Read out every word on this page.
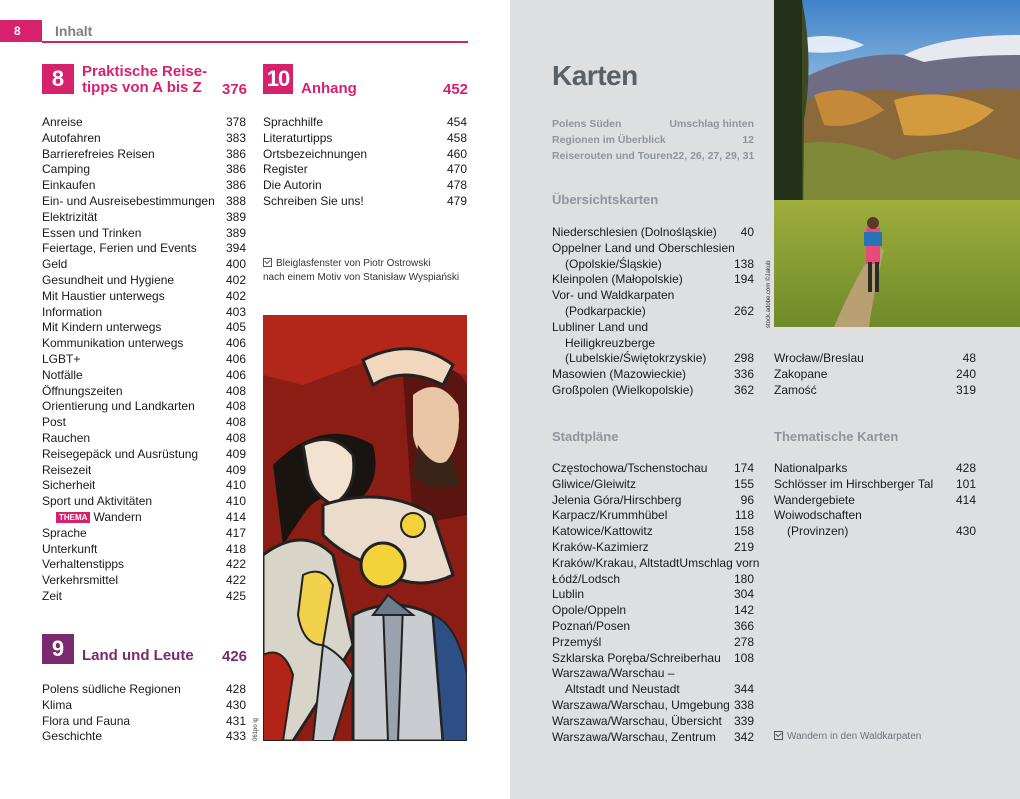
8	Inhalt
8	Praktische Reise-
tipps von A bis Z	376
Anreise	378
Autofahren	383
Barrierefreies Reisen	386
Camping	386
Einkaufen	386
Ein- und Ausreisebestimmungen 388
Elektrizität	389
Essen und Trinken	389
Feiertage, Ferien und Events 394
Geld	400
Gesundheit und Hygiene	402
Mit Haustier unterwegs	402
Information	403
Mit Kindern unterwegs	405
Kommunikation unterwegs	406
LGBT+	406
Notfälle	406
Öffnungszeiten	408
Orientierung und Landkarten	408
Post	408
Rauchen	408
Reisegepäck und Ausrüstung 409
Reisezeit	409
Sicherheit	410
Sport und Aktivitäten	410
THEMA Wandern	414
Sprache	417
Unterkunft	418
Verhaltenstipps	422
Verkehrsmittel	422
Zeit	425
9	Land und Leute 426
Polens südliche Regionen	428
Klima	430
Flora und Fauna	431
Geschichte	433
10 Anhang	452
Sprachhilfe	454
Literaturtipps	458
Ortsbezeichnungen	460
Register	470
Die Autorin	478
Schreiben Sie uns!	479
Bleiglasfenster von Piotr Ostrowski
nach einem Motiv von Stanisław Wyspiański
061po ig
Karten
Polens Süden	Umschlag hinten
Regionen im Überblick	12
Reiserouten und Touren 22, 26, 27, 29, 31
Übersichtskarten
Niederschlesien (Dolnośląskie) 40
Oppelner Land und Oberschlesien
(Opolskie/Śląskie)	138
Kleinpolen (Małopolskie)	194
Vor- und Waldkarpaten
(Podkarpackie)	262
Lubliner Land und
Heiligkreuzberge
(Lubelskie/Świętokrzyskie) 298
Masowien (Mazowieckie)	336
Großpolen (Wielkopolskie)	362
Wrocław/Breslau	48
Zakopane	240
Zamość	319
Stadtpläne
Częstochowa/Tschenstochau 174
Gliwice/Gleiwitz	155
Jelenia Góra/Hirschberg	96
Karpacz/Krummhübel	118
Katowice/Kattowitz	158
Kraków-Kazimierz	219
Kraków/Krakau, Altstadt Umschlag vorn
Łódź/Lodsch	180
Lublin	304
Opole/Oppeln	142
Poznań/Posen	366
Przemyśl	278
Szklarska Poręba/Schreiberhau 108
Warszawa/Warschau –
Altstadt und Neustadt	344
Warszawa/Warschau, Umgebung 338
Warszawa/Warschau, Übersicht 339
Warszawa/Warschau, Zentrum 342
Thematische Karten
Nationalparks	428
Schlösser im Hirschberger Tal 101
Wandergebiete	414
Woiwodschaften
(Provinzen)	430
Wandern in den Waldkarpaten
stock.adobe.com ©Jakub
